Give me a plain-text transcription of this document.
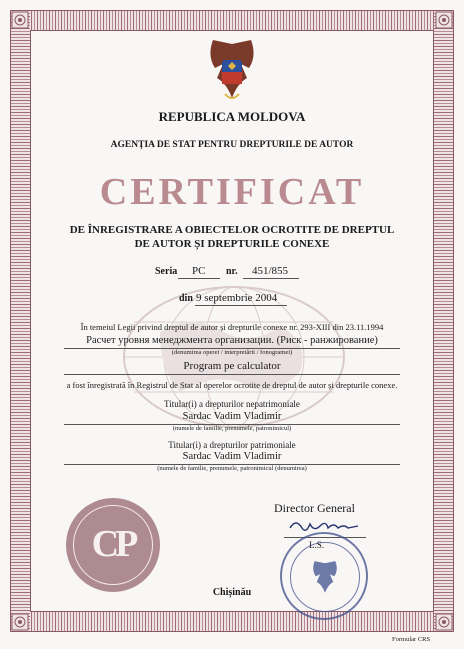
REPUBLICA MOLDOVA
AGENȚIA DE STAT PENTRU DREPTURILE DE AUTOR
CERTIFICAT
DE ÎNREGISTRARE A OBIECTELOR OCROTITE DE DREPTUL
DE AUTOR ȘI DREPTURILE CONEXE
Seria PC nr. 451/855
din 9 septembrie 2004
În temeiul Legii privind dreptul de autor și drepturile conexe nr. 293-XIII din 23.11.1994
Расчет уровня менеджмента организации. (Риск - ранжирование)
(denumirea operei / interpretării / fonogramei)
Program pe calculator
a fost înregistrată în Registrul de Stat al operelor ocrotite de dreptul de autor și drepturile conexe.
Titular(i) a drepturilor nepatrimoniale
Sardac Vadim Vladimir
(numele de familie, prenumele, patronimicul)
Titular(i) a drepturilor patrimoniale
Sardac Vadim Vladimir
(numele de familie, prenumele, patronimicul (denumirea)
Director General
L.S.
CP
Chișinău
Formular CRS
